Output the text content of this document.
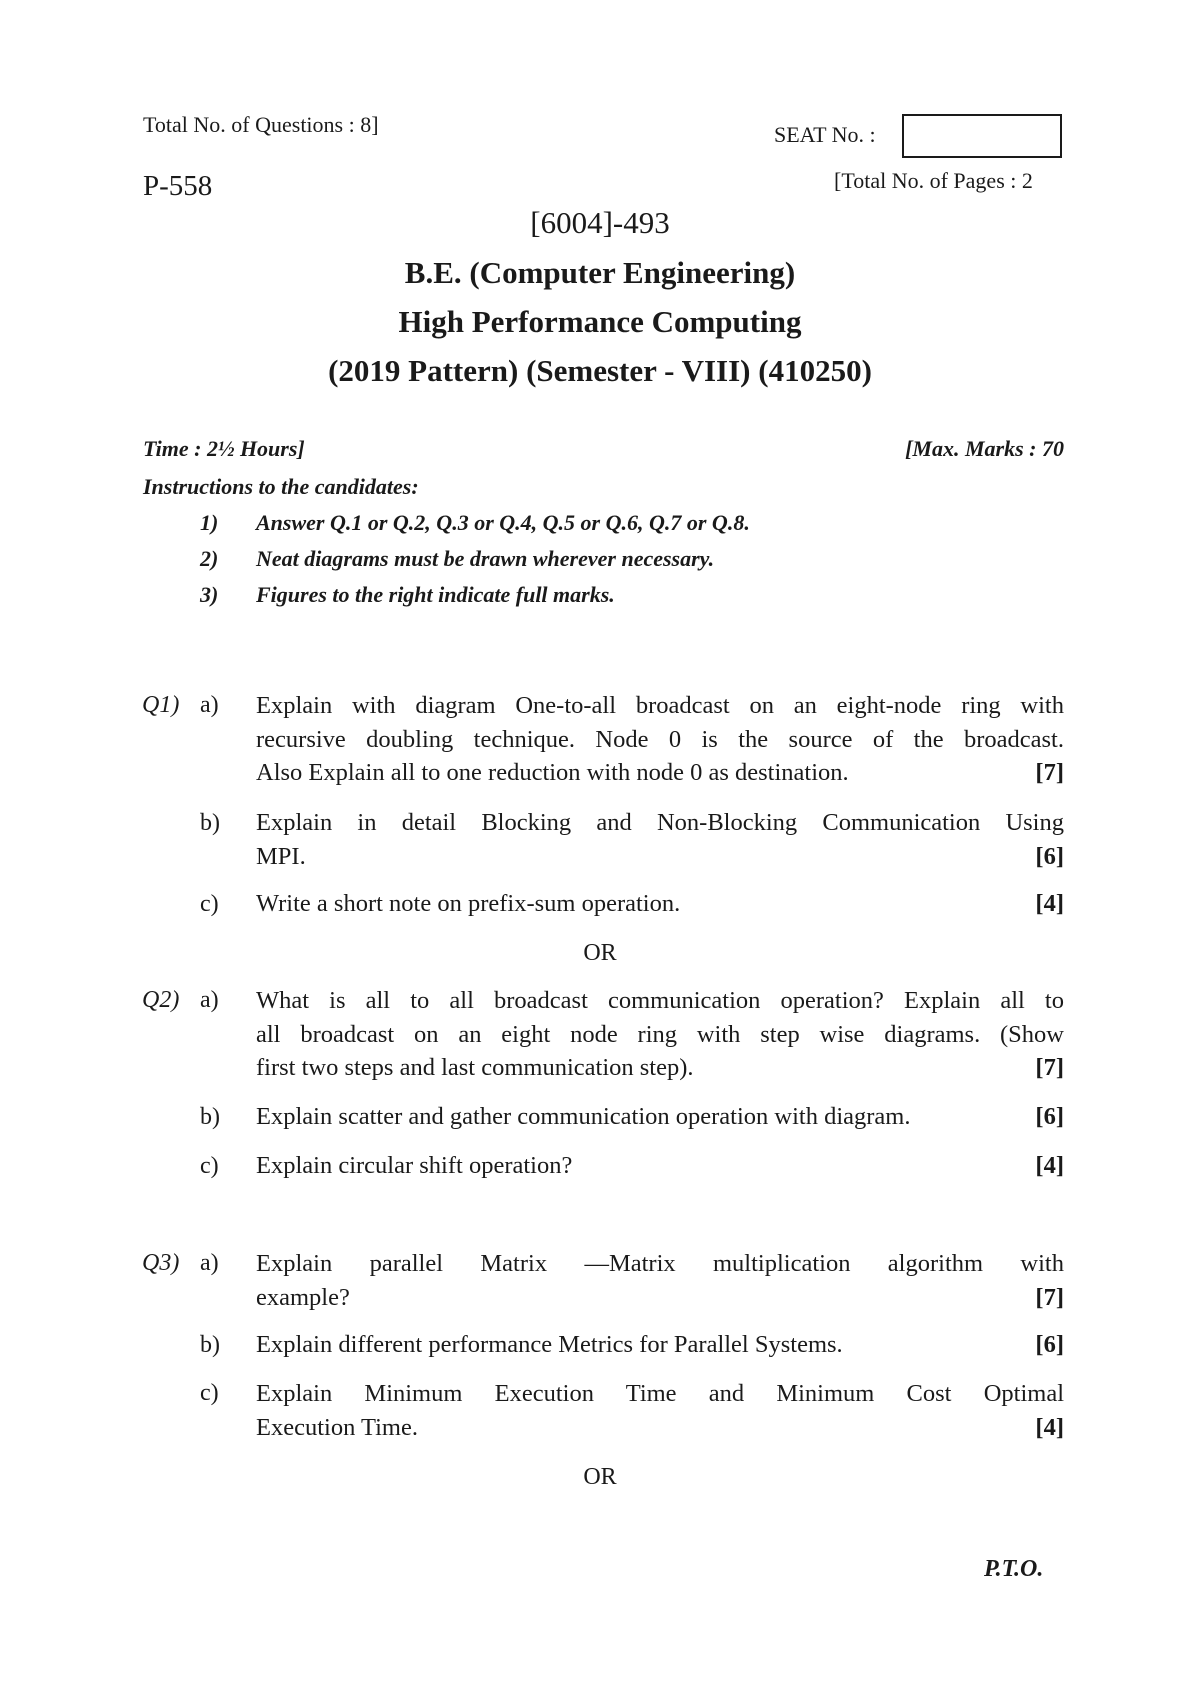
Total No. of Questions : 8]	SEAT No. :
P-558	[Total No. of Pages : 2
[6004]-493
B.E. (Computer Engineering)
High Performance Computing
(2019 Pattern) (Semester - VIII) (410250)
Time : 2½ Hours]	[Max. Marks : 70
Instructions to the candidates:
1)	Answer Q.1 or Q.2, Q.3 or Q.4, Q.5 or Q.6, Q.7 or Q.8.
2)	Neat diagrams must be drawn wherever necessary.
3)	Figures to the right indicate full marks.
Q1) a) Explain with diagram One-to-all broadcast on an eight-node ring with
recursive doubling technique. Node 0 is the source of the broadcast.
Also Explain all to one reduction with node 0 as destination.	[7]
b) Explain in detail Blocking and Non-Blocking Communication Using
MPI.	[6]
c) Write a short note on prefix-sum operation.	[4]
OR
Q2) a) What is all to all broadcast communication operation? Explain all to
all broadcast on an eight node ring with step wise diagrams. (Show
first two steps and last communication step).	[7]
b) Explain scatter and gather communication operation with diagram.	[6]
c) Explain circular shift operation?	[4]
Q3) a) Explain parallel Matrix —Matrix multiplication algorithm with
example?	[7]
b) Explain different performance Metrics for Parallel Systems.	[6]
c) Explain Minimum Execution Time and Minimum Cost Optimal
Execution Time.	[4]
OR
P.T.O.
